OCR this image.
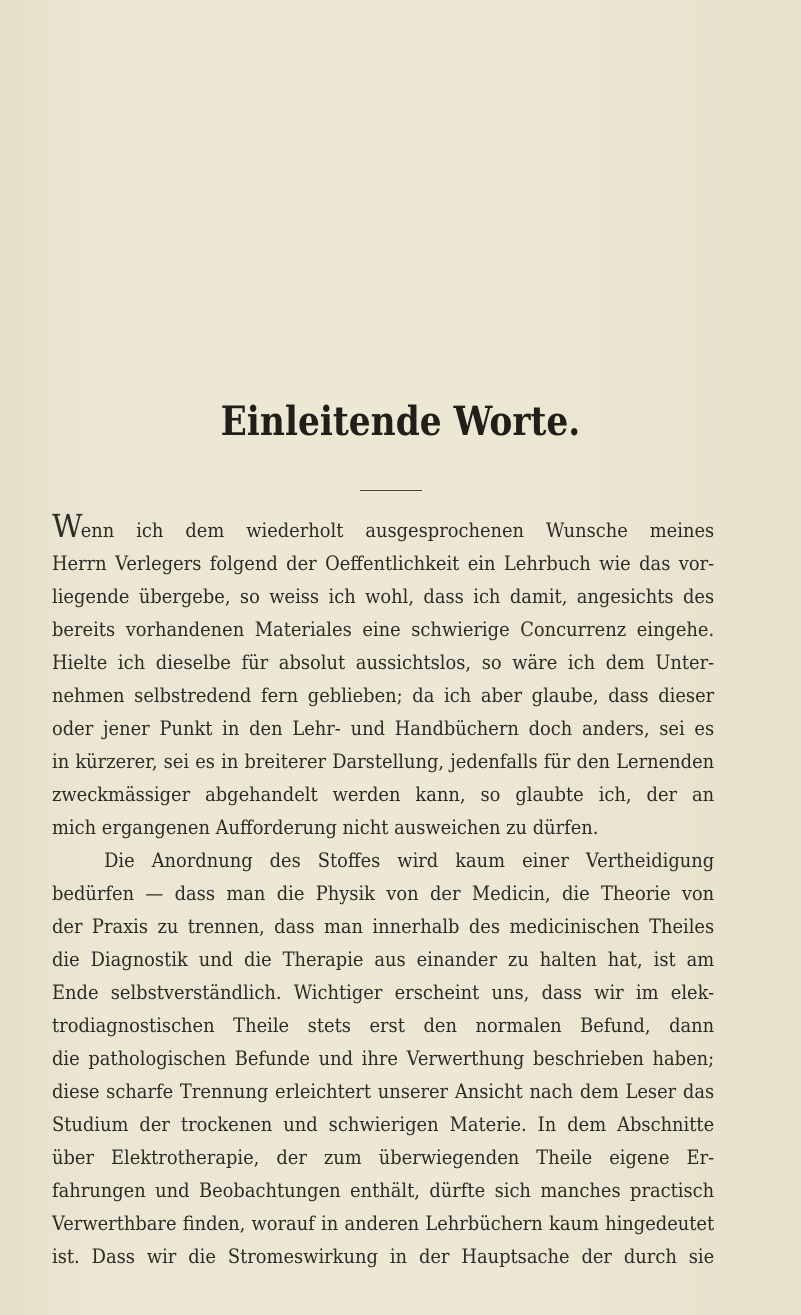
Einleitende Worte.
Wenn ich dem wiederholt ausgesprochenen Wunsche meines
Herrn Verlegers folgend der Oeffentlichkeit ein Lehrbuch wie das vor-
liegende übergebe, so weiss ich wohl, dass ich damit, angesichts des
bereits vorhandenen Materiales eine schwierige Concurrenz eingehe.
Hielte ich dieselbe für absolut aussichtslos, so wäre ich dem Unter-
nehmen selbstredend fern geblieben; da ich aber glaube, dass dieser
oder jener Punkt in den Lehr- und Handbüchern doch anders, sei es
in kürzerer, sei es in breiterer Darstellung, jedenfalls für den Lernenden
zweckmässiger abgehandelt werden kann, so glaubte ich, der an
mich ergangenen Aufforderung nicht ausweichen zu dürfen.
Die Anordnung des Stoffes wird kaum einer Vertheidigung
bedürfen — dass man die Physik von der Medicin, die Theorie von
der Praxis zu trennen, dass man innerhalb des medicinischen Theiles
die Diagnostik und die Therapie aus einander zu halten hat, ist am
Ende selbstverständlich. Wichtiger erscheint uns, dass wir im elek-
trodiagnostischen Theile stets erst den normalen Befund, dann
die pathologischen Befunde und ihre Verwerthung beschrieben haben;
diese scharfe Trennung erleichtert unserer Ansicht nach dem Leser das
Studium der trockenen und schwierigen Materie. In dem Abschnitte
über Elektrotherapie, der zum überwiegenden Theile eigene Er-
fahrungen und Beobachtungen enthält, dürfte sich manches practisch
Verwerthbare finden, worauf in anderen Lehrbüchern kaum hingedeutet
ist. Dass wir die Stromeswirkung in der Hauptsache der durch sie
